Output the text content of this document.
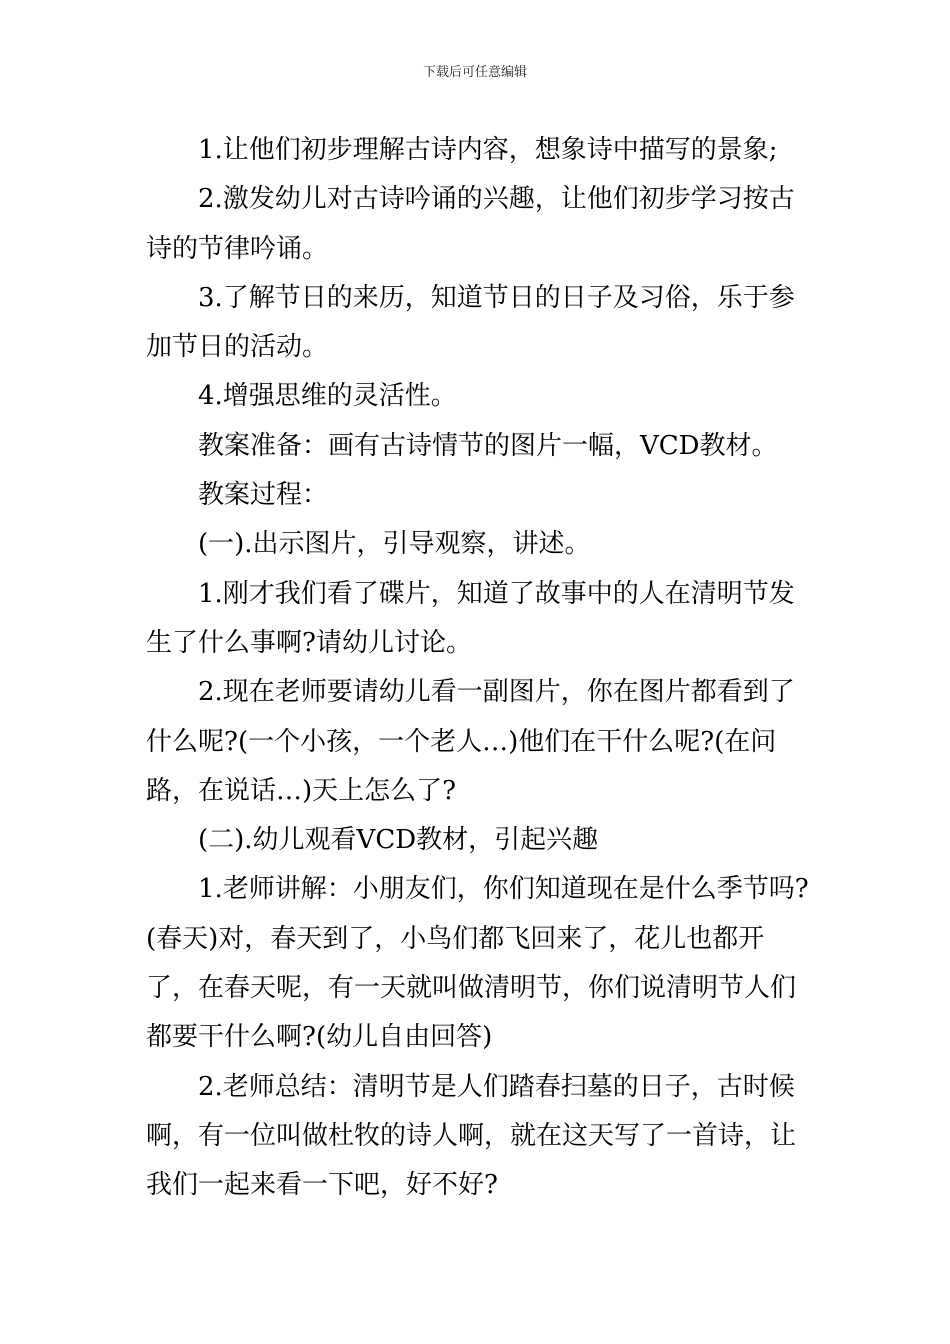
下载后可任意编辑

1.让他们初步理解古诗内容，想象诗中描写的景象;

2.激发幼儿对古诗吟诵的兴趣，让他们初步学习按古诗的节律吟诵。

3.了解节日的来历，知道节日的日子及习俗，乐于参加节日的活动。

4.增强思维的灵活性。

教案准备：画有古诗情节的图片一幅，VCD教材。

教案过程：

(一).出示图片，引导观察，讲述。

1.刚才我们看了碟片，知道了故事中的人在清明节发生了什么事啊?请幼儿讨论。

2.现在老师要请幼儿看一副图片，你在图片都看到了什么呢?(一个小孩，一个老人…)他们在干什么呢?(在问路，在说话…)天上怎么了?

(二).幼儿观看VCD教材，引起兴趣

1.老师讲解：小朋友们，你们知道现在是什么季节吗?(春天)对，春天到了，小鸟们都飞回来了，花儿也都开了，在春天呢，有一天就叫做清明节，你们说清明节人们都要干什么啊?(幼儿自由回答)

2.老师总结：清明节是人们踏春扫墓的日子，古时候啊，有一位叫做杜牧的诗人啊，就在这天写了一首诗，让我们一起来看一下吧，好不好?
